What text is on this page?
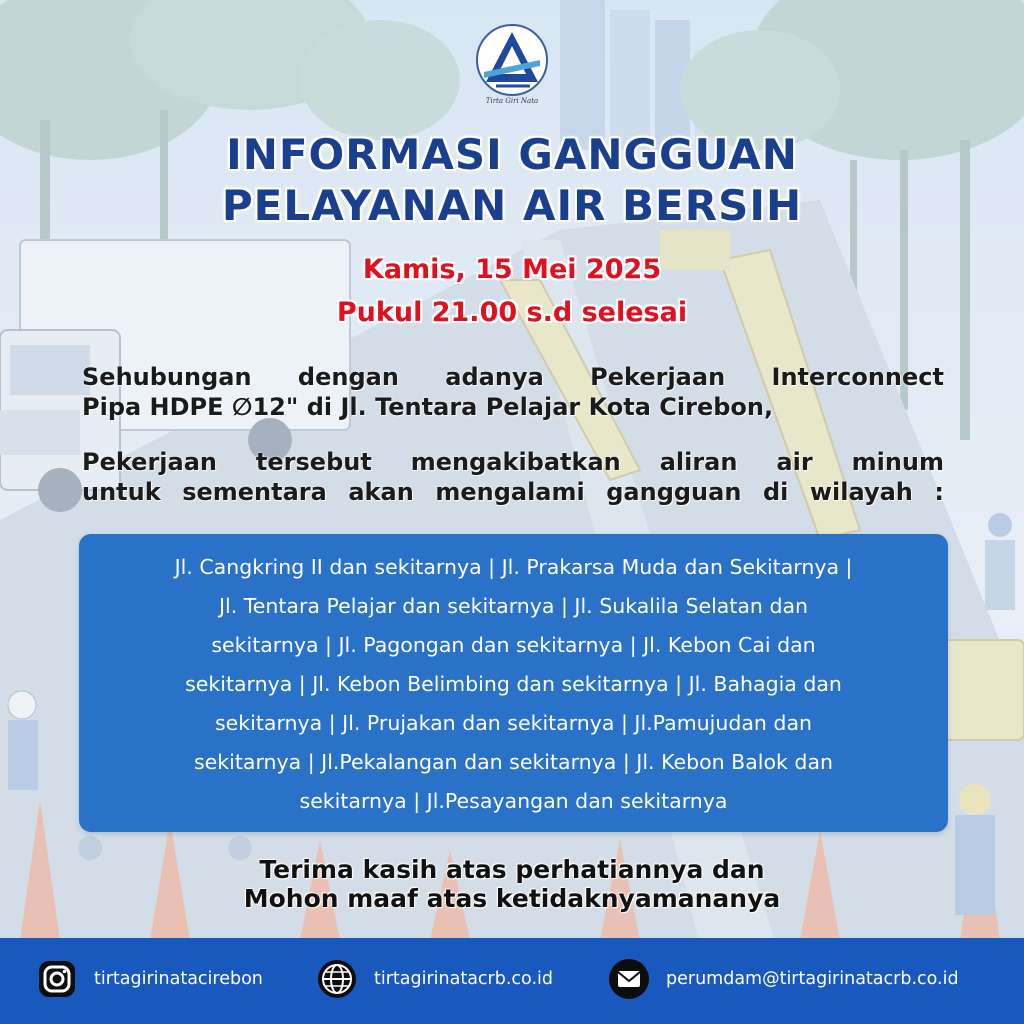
Tirta Giri Nata
INFORMASI GANGGUAN
PELAYANAN AIR BERSIH
Kamis, 15 Mei 2025
Pukul 21.00 s.d selesai
Sehubungan dengan adanya Pekerjaan Interconnect
Pipa HDPE ∅12" di Jl. Tentara Pelajar Kota Cirebon,
Pekerjaan tersebut mengakibatkan aliran air minum
untuk sementara akan mengalami gangguan di wilayah :
Jl. Cangkring II dan sekitarnya | Jl. Prakarsa Muda dan Sekitarnya |
Jl. Tentara Pelajar dan sekitarnya | Jl. Sukalila Selatan dan
sekitarnya | Jl. Pagongan dan sekitarnya | Jl. Kebon Cai dan
sekitarnya | Jl. Kebon Belimbing dan sekitarnya | Jl. Bahagia dan
sekitarnya | Jl. Prujakan dan sekitarnya | Jl.Pamujudan dan
sekitarnya | Jl.Pekalangan dan sekitarnya | Jl. Kebon Balok dan
sekitarnya | Jl.Pesayangan dan sekitarnya
Terima kasih atas perhatiannya dan
Mohon maaf atas ketidaknyamananya
tirtagirinatacirebon	tirtagirinatacrb.co.id	perumdam@tirtagirinatacrb.co.id
